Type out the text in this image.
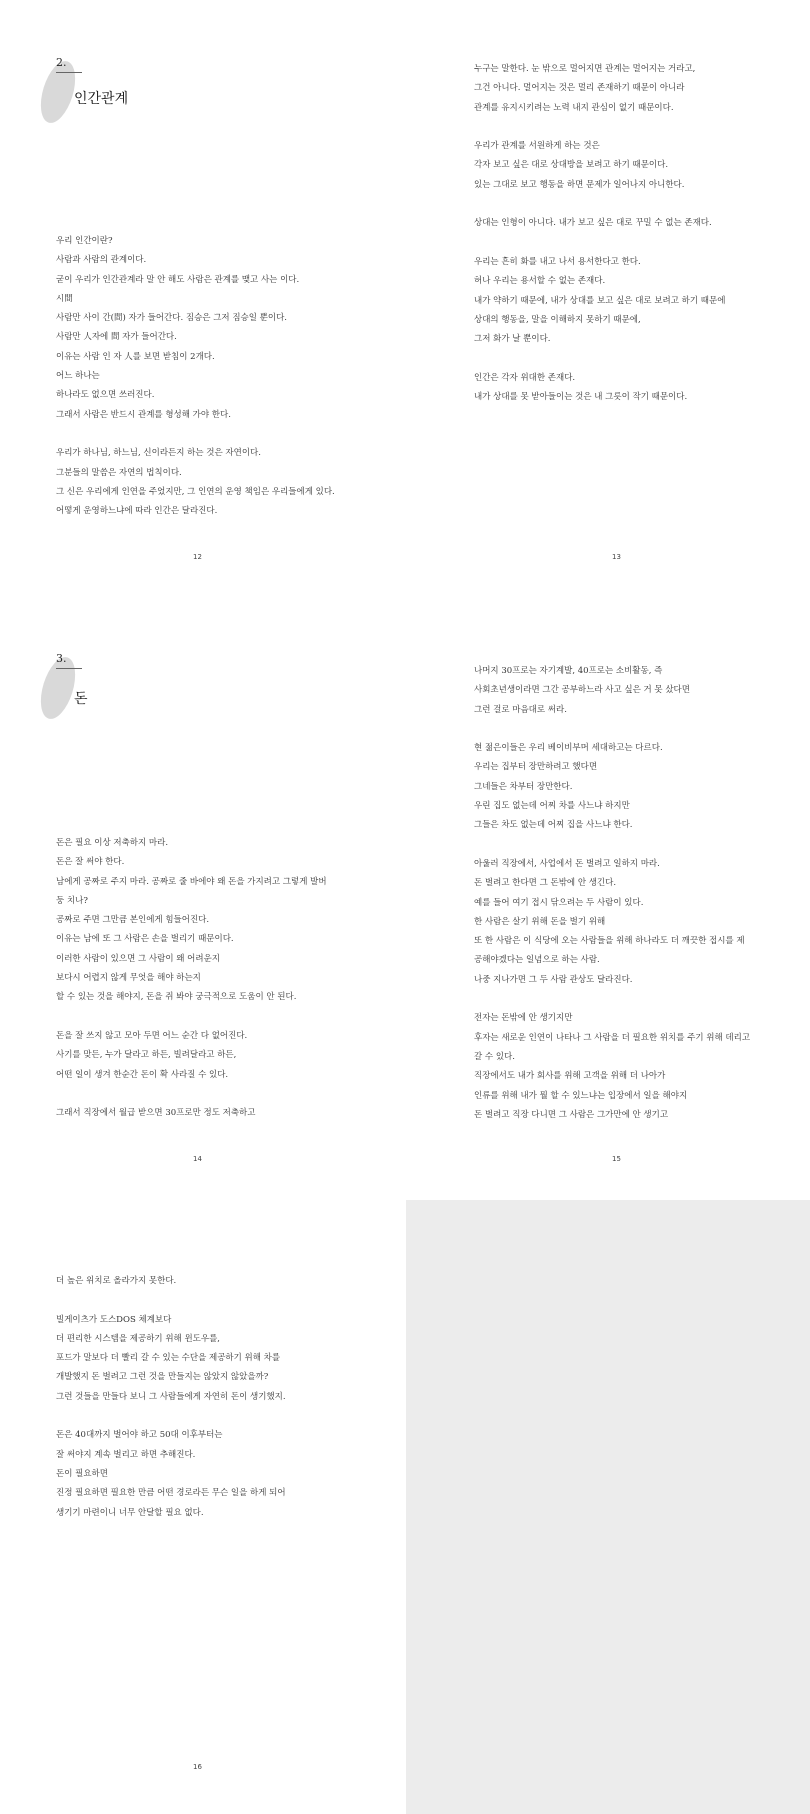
2.
인간관계
우리 인간이란?
사람과 사람의 관계이다.
굳이 우리가 인간관계라 말 안 해도 사람은 관계를 맺고 사는 이다.
시間
사람만 사이 간(間) 자가 들어간다. 짐승은 그저 짐승일 뿐이다.
사람만 人자에 間 자가 들어간다.
이유는 사람 인 자 人를 보면 받침이 2개다.
어느 하나는
하나라도 없으면 쓰러진다.
그래서 사람은 반드시 관계를 형성해 가야 한다.
우리가 하나님, 하느님, 신이라든지 하는 것은 자연이다.
그분들의 말씀은 자연의 법칙이다.
그 신은 우리에게 인연을 주었지만, 그 인연의 운영 책임은 우리들에게 있다.
어떻게 운영하느냐에 따라 인간은 달라진다.
12
누구는 말한다. 눈 밖으로 멀어지면 관계는 멀어지는 거라고,
그건 아니다. 멀어지는 것은 멀리 존재하기 때문이 아니라
관계를 유지시키려는 노력 내지 관심이 없기 때문이다.
우리가 관계를 서원하게 하는 것은
각자 보고 싶은 대로 상대방을 보려고 하기 때문이다.
있는 그대로 보고 행동을 하면 문제가 일어나지 아니한다.
상대는 인형이 아니다. 내가 보고 싶은 대로 꾸밀 수 없는 존재다.
우리는 흔히 화를 내고 나서 용서한다고 한다.
허나 우리는 용서할 수 없는 존재다.
내가 약하기 때문에, 내가 상대를 보고 싶은 대로 보려고 하기 때문에
상대의 행동을, 말을 이해하지 못하기 때문에,
그저 화가 날 뿐이다.
인간은 각자 위대한 존재다.
내가 상대를 못 받아들이는 것은 내 그릇이 작기 때문이다.
13
3.
돈
돈은 필요 이상 저축하지 마라.
돈은 잘 써야 한다.
남에게 공짜로 주지 마라. 공짜로 줄 바에야 왜 돈을 가지려고 그렇게 발버
둥 치나?
공짜로 주면 그만큼 본인에게 힘들어진다.
이유는 남에 또 그 사람은 손을 벌리기 때문이다.
이러한 사람이 있으면 그 사람이 왜 어려운지
보다시 어렵지 않게 무엇을 해야 하는지
할 수 있는 것을 해야지, 돈을 쥐 봐야 궁극적으로 도움이 안 된다.
돈을 잘 쓰지 않고 모아 두면 어느 순간 다 없어진다.
사기를 맞든, 누가 달라고 하든, 빌려달라고 하든,
어떤 일이 생겨 한순간 돈이 확 사라질 수 있다.
그래서 직장에서 월급 받으면 30프로만 정도 저축하고
14
나머지 30프로는 자기계발, 40프로는 소비활동, 즉
사회초년생이라면 그간 공부하느라 사고 싶은 거 못 샀다면
그런 걸로 마음대로 써라.
현 젊은이들은 우리 베이비부머 세대하고는 다르다.
우리는 집부터 장만하려고 했다면
그네들은 차부터 장만한다.
우린 집도 없는데 어찌 차를 사느냐 하지만
그들은 차도 없는데 어찌 집을 사느냐 한다.
아울러 직장에서, 사업에서 돈 벌려고 일하지 마라.
돈 벌려고 한다면 그 돈밖에 안 생긴다.
예를 들어 여기 접시 닦으려는 두 사람이 있다.
한 사람은 살기 위해 돈을 벌기 위해
또 한 사람은 이 식당에 오는 사람들을 위해 하나라도 더 깨끗한 접시를 제
공해야겠다는 일념으로 하는 사람.
나중 지나가면 그 두 사람 관상도 달라진다.
전자는 돈밖에 안 생기지만
후자는 새로운 인연이 나타나 그 사람을 더 필요한 위치를 주기 위해 데리고
갈 수 있다.
직장에서도 내가 회사를 위해 고객을 위해 더 나아가
인류를 위해 내가 뭘 할 수 있느냐는 입장에서 일을 해야지
돈 벌려고 직장 다니면 그 사람은 그가만에 안 생기고
15
더 높은 위치로 올라가지 못한다.
빌게이츠가 도스DOS 체계보다
더 편리한 시스템을 제공하기 위해 윈도우를,
포드가 말보다 더 빨리 갈 수 있는 수단을 제공하기 위해 차를
개발했지 돈 벌려고 그런 것을 만들지는 않았지 않았을까?
그런 것들을 만들다 보니 그 사람들에게 자연히 돈이 생기했지.
돈은 40대까지 벌어야 하고 50대 이후부터는
잘 써야지 계속 벌리고 하면 추해진다.
돈이 필요하면
진정 필요하면 필요한 만큼 어떤 경로라든 무슨 일을 하게 되어
생기기 마련이니 너무 안달할 필요 없다.
16
